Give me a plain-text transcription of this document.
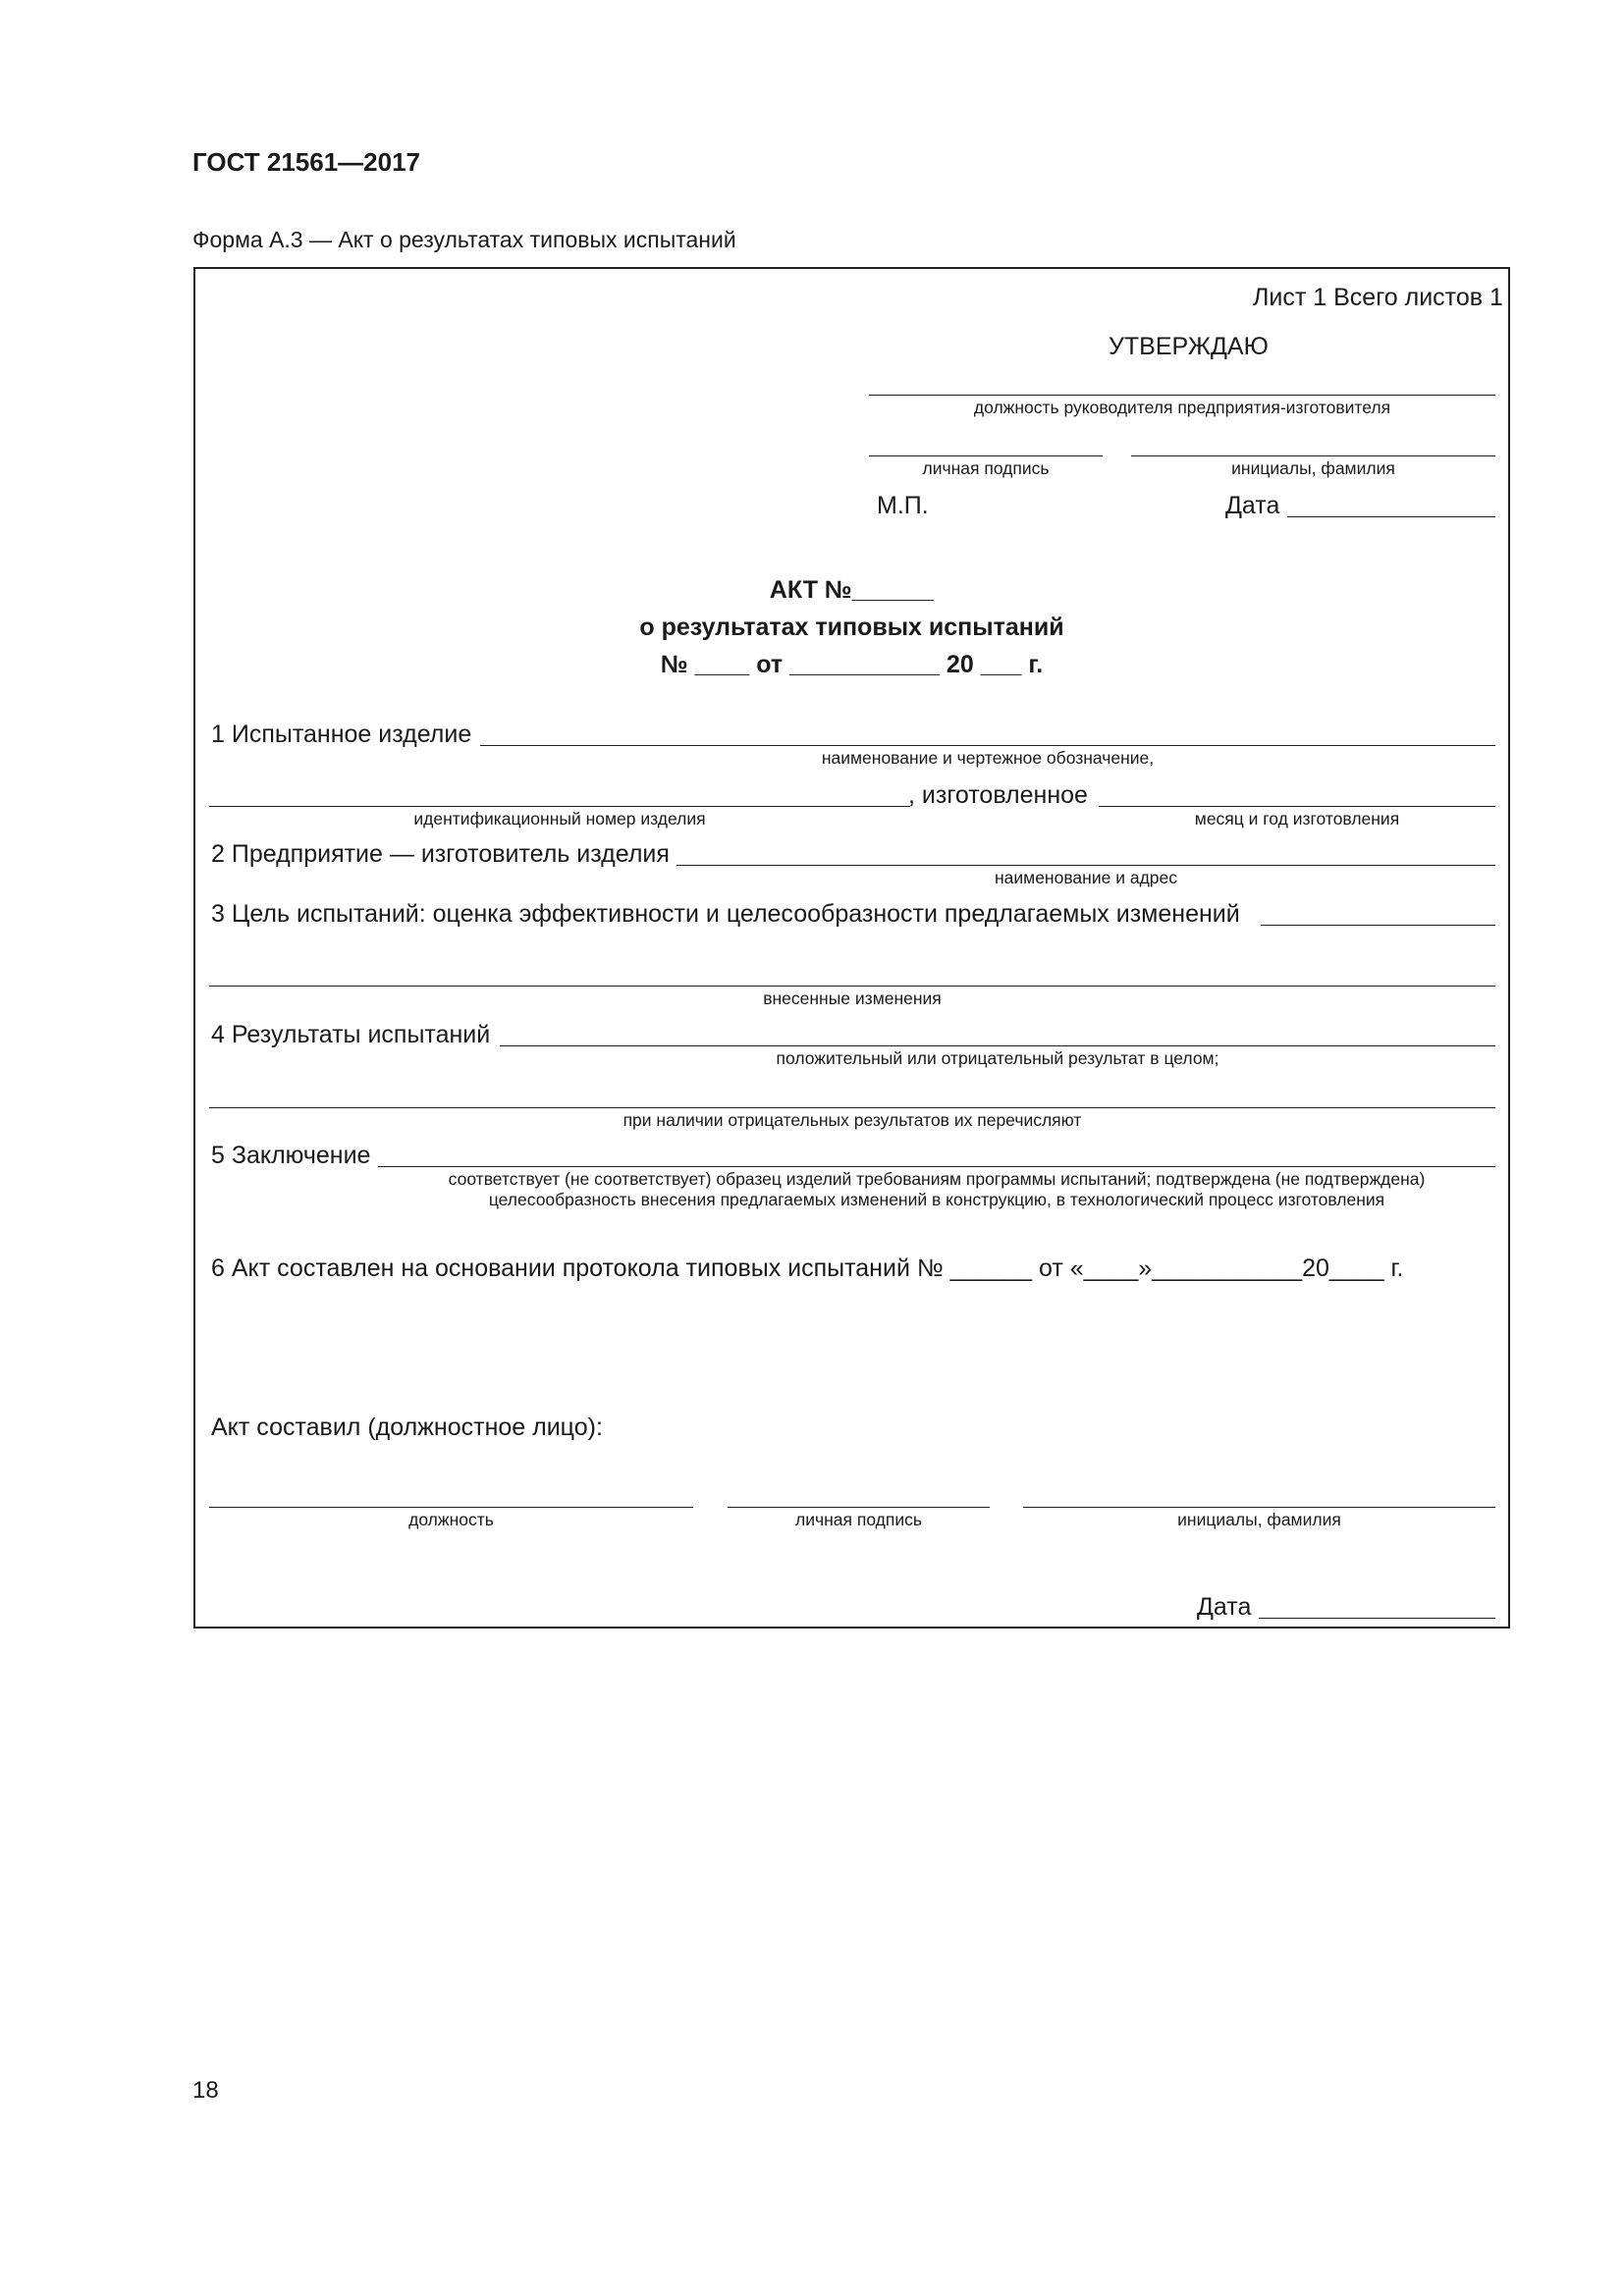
ГОСТ 21561—2017
Форма А.3 — Акт о результатах типовых испытаний
Лист 1 Всего листов 1
УТВЕРЖДАЮ
должность руководителя предприятия-изготовителя
личная подпись	инициалы, фамилия
М.П.	Дата
АКТ №______
о результатах типовых испытаний
№ ____ от ___________ 20 ___ г.
1 Испытанное изделие
наименование и чертежное обозначение,
, изготовленное
идентификационный номер изделия	месяц и год изготовления
2 Предприятие — изготовитель изделия
наименование и адрес
3 Цель испытаний: оценка эффективности и целесообразности предлагаемых изменений
внесенные изменения
4 Результаты испытаний
положительный или отрицательный результат в целом;
при наличии отрицательных результатов их перечисляют
5 Заключение
соответствует (не соответствует) образец изделий требованиям программы испытаний; подтверждена (не подтверждена)
целесообразность внесения предлагаемых изменений в конструкцию, в технологический процесс изготовления
6 Акт составлен на основании протокола типовых испытаний № ______ от «____»___________20____ г.
Акт составил (должностное лицо):
должность	личная подпись	инициалы, фамилия
Дата
18
